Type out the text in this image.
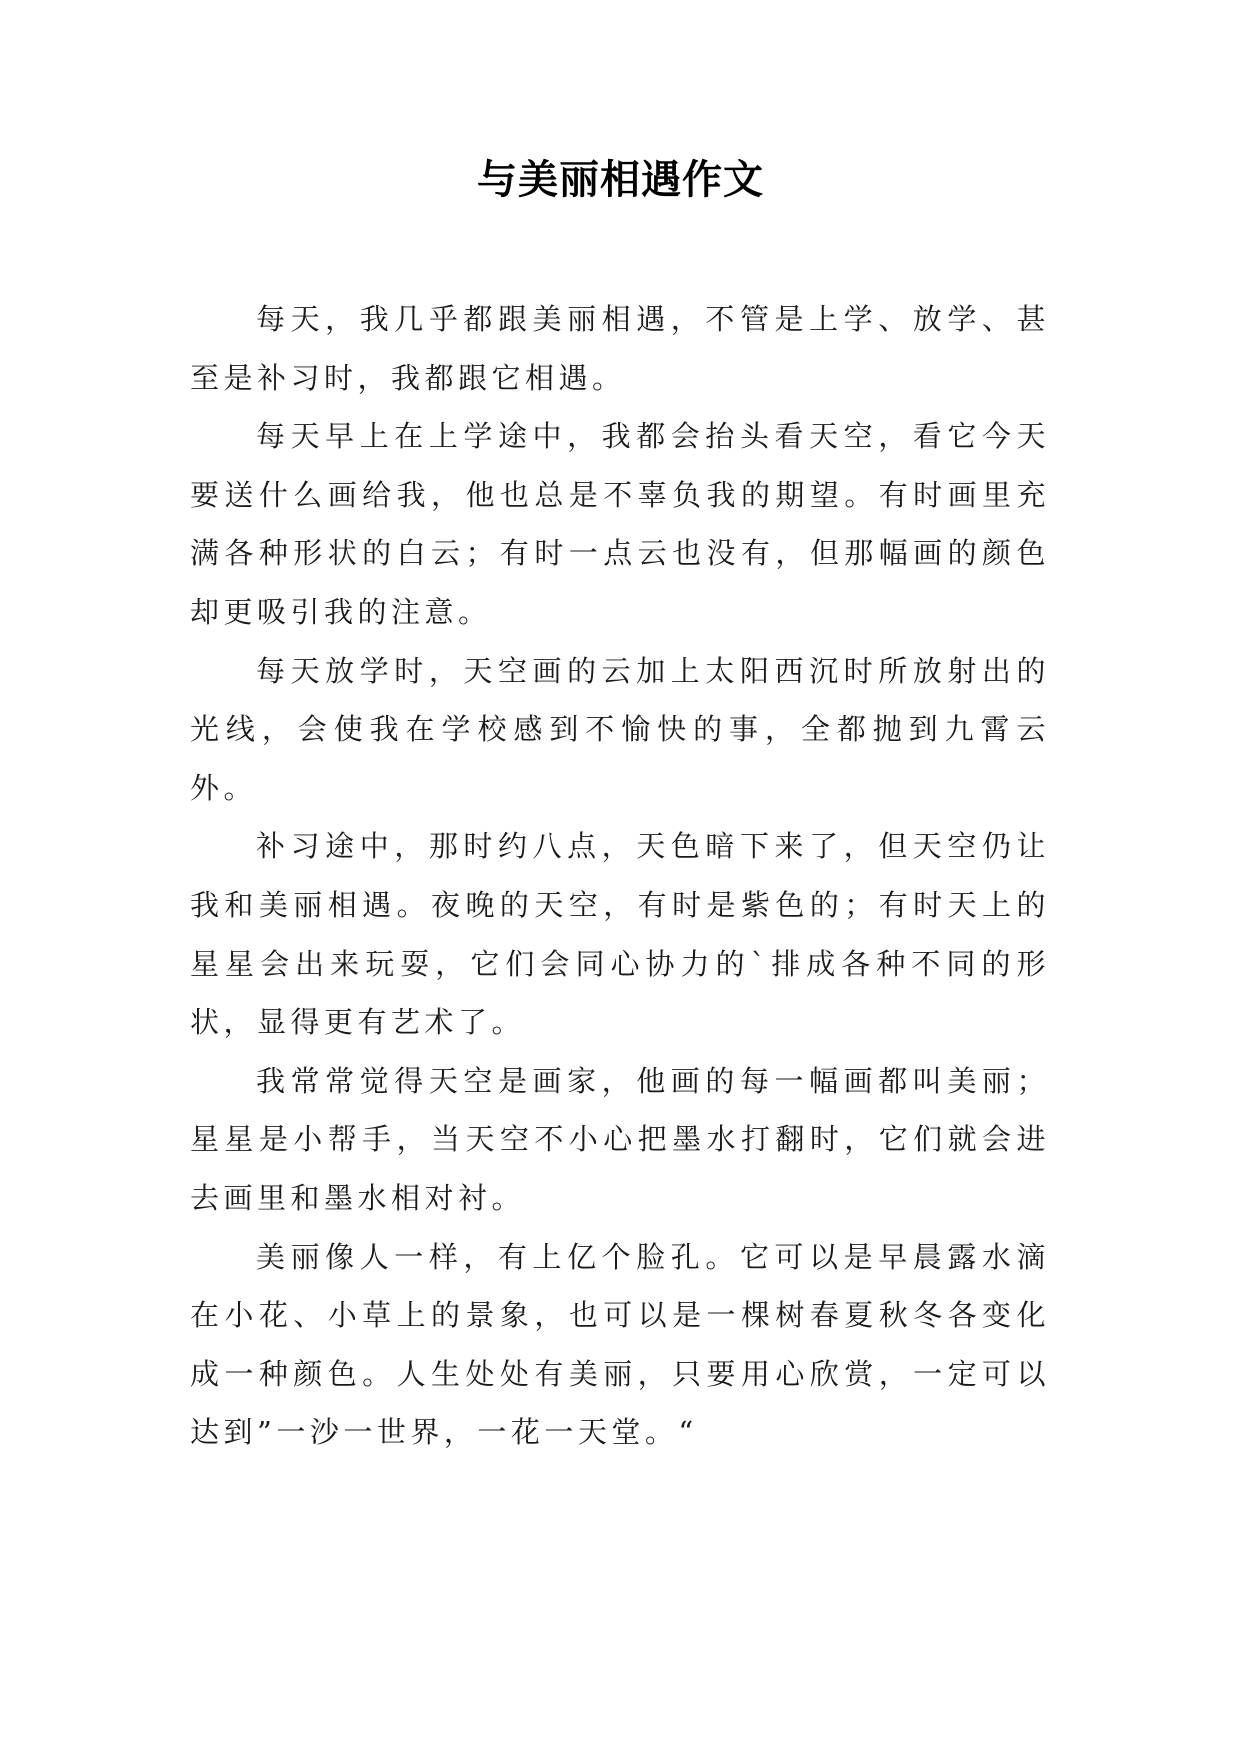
与美丽相遇作文

每天，我几乎都跟美丽相遇，不管是上学、放学、甚至是补习时，我都跟它相遇。

每天早上在上学途中，我都会抬头看天空，看它今天要送什么画给我，他也总是不辜负我的期望。有时画里充满各种形状的白云；有时一点云也没有，但那幅画的颜色却更吸引我的注意。

每天放学时，天空画的云加上太阳西沉时所放射出的光线，会使我在学校感到不愉快的事，全都抛到九霄云外。

补习途中，那时约八点，天色暗下来了，但天空仍让我和美丽相遇。夜晚的天空，有时是紫色的；有时天上的星星会出来玩耍，它们会同心协力的`排成各种不同的形状，显得更有艺术了。

我常常觉得天空是画家，他画的每一幅画都叫美丽；星星是小帮手，当天空不小心把墨水打翻时，它们就会进去画里和墨水相对衬。

美丽像人一样，有上亿个脸孔。它可以是早晨露水滴在小花、小草上的景象，也可以是一棵树春夏秋冬各变化成一种颜色。人生处处有美丽，只要用心欣赏，一定可以达到”一沙一世界，一花一天堂。“
